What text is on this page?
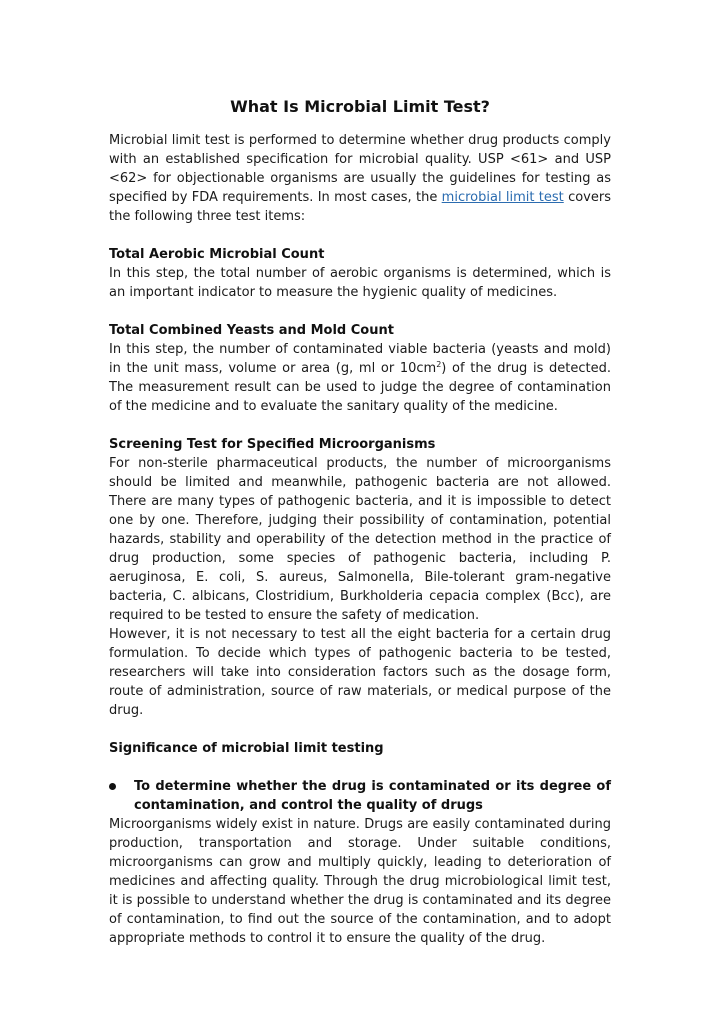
What Is Microbial Limit Test?

Microbial limit test is performed to determine whether drug products comply with an established specification for microbial quality. USP <61> and USP <62> for objectionable organisms are usually the guidelines for testing as specified by FDA requirements. In most cases, the microbial limit test covers the following three test items:

Total Aerobic Microbial Count

In this step, the total number of aerobic organisms is determined, which is an important indicator to measure the hygienic quality of medicines.

Total Combined Yeasts and Mold Count

In this step, the number of contaminated viable bacteria (yeasts and mold) in the unit mass, volume or area (g, ml or $10cm^2$) of the drug is detected. The measurement result can be used to judge the degree of contamination of the medicine and to evaluate the sanitary quality of the medicine.

Screening Test for Specified Microorganisms

For non-sterile pharmaceutical products, the number of microorganisms should be limited and meanwhile, pathogenic bacteria are not allowed. There are many types of pathogenic bacteria, and it is impossible to detect one by one. Therefore, judging their possibility of contamination, potential hazards, stability and operability of the detection method in the practice of drug production, some species of pathogenic bacteria, including P. aeruginosa, E. coli, S. aureus, Salmonella, Bile-tolerant gram-negative bacteria, C. albicans, Clostridium, Burkholderia cepacia complex (Bcc), are required to be tested to ensure the safety of medication.

However, it is not necessary to test all the eight bacteria for a certain drug formulation. To decide which types of pathogenic bacteria to be tested, researchers will take into consideration factors such as the dosage form, route of administration, source of raw materials, or medical purpose of the drug.

Significance of microbial limit testing

To determine whether the drug is contaminated or its degree of contamination, and control the quality of drugs

Microorganisms widely exist in nature. Drugs are easily contaminated during production, transportation and storage. Under suitable conditions, microorganisms can grow and multiply quickly, leading to deterioration of medicines and affecting quality. Through the drug microbiological limit test, it is possible to understand whether the drug is contaminated and its degree of contamination, to find out the source of the contamination, and to adopt appropriate methods to control it to ensure the quality of the drug.
